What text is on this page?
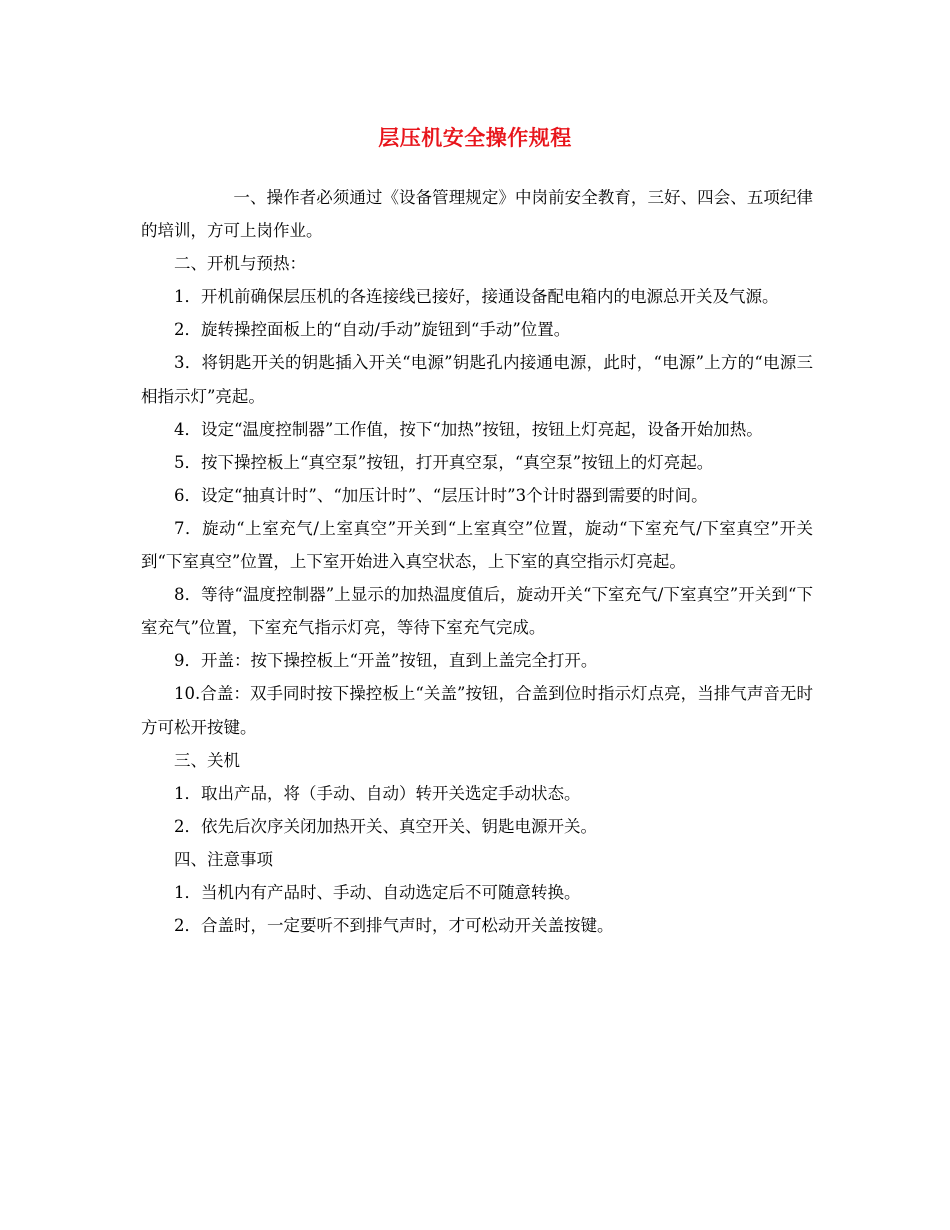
层压机安全操作规程

一、操作者必须通过《设备管理规定》中岗前安全教育，三好、四会、五项纪律的培训，方可上岗作业。

二、开机与预热：

1．开机前确保层压机的各连接线已接好，接通设备配电箱内的电源总开关及气源。

2．旋转操控面板上的“自动/手动”旋钮到“手动”位置。

3．将钥匙开关的钥匙插入开关“电源”钥匙孔内接通电源，此时，“电源”上方的“电源三相指示灯”亮起。

4．设定“温度控制器”工作值，按下“加热”按钮，按钮上灯亮起，设备开始加热。

5．按下操控板上“真空泵”按钮，打开真空泵，“真空泵”按钮上的灯亮起。

6．设定“抽真计时”、“加压计时”、“层压计时”3个计时器到需要的时间。

7．旋动“上室充气/上室真空”开关到“上室真空”位置，旋动“下室充气/下室真空”开关到“下室真空”位置，上下室开始进入真空状态，上下室的真空指示灯亮起。

8．等待“温度控制器”上显示的加热温度值后，旋动开关“下室充气/下室真空”开关到“下室充气”位置，下室充气指示灯亮，等待下室充气完成。

9．开盖：按下操控板上“开盖”按钮，直到上盖完全打开。

10.合盖：双手同时按下操控板上“关盖”按钮，合盖到位时指示灯点亮，当排气声音无时方可松开按键。

三、关机

1．取出产品，将（手动、自动）转开关选定手动状态。

2．依先后次序关闭加热开关、真空开关、钥匙电源开关。

四、注意事项

1．当机内有产品时、手动、自动选定后不可随意转换。

2．合盖时，一定要听不到排气声时，才可松动开关盖按键。
